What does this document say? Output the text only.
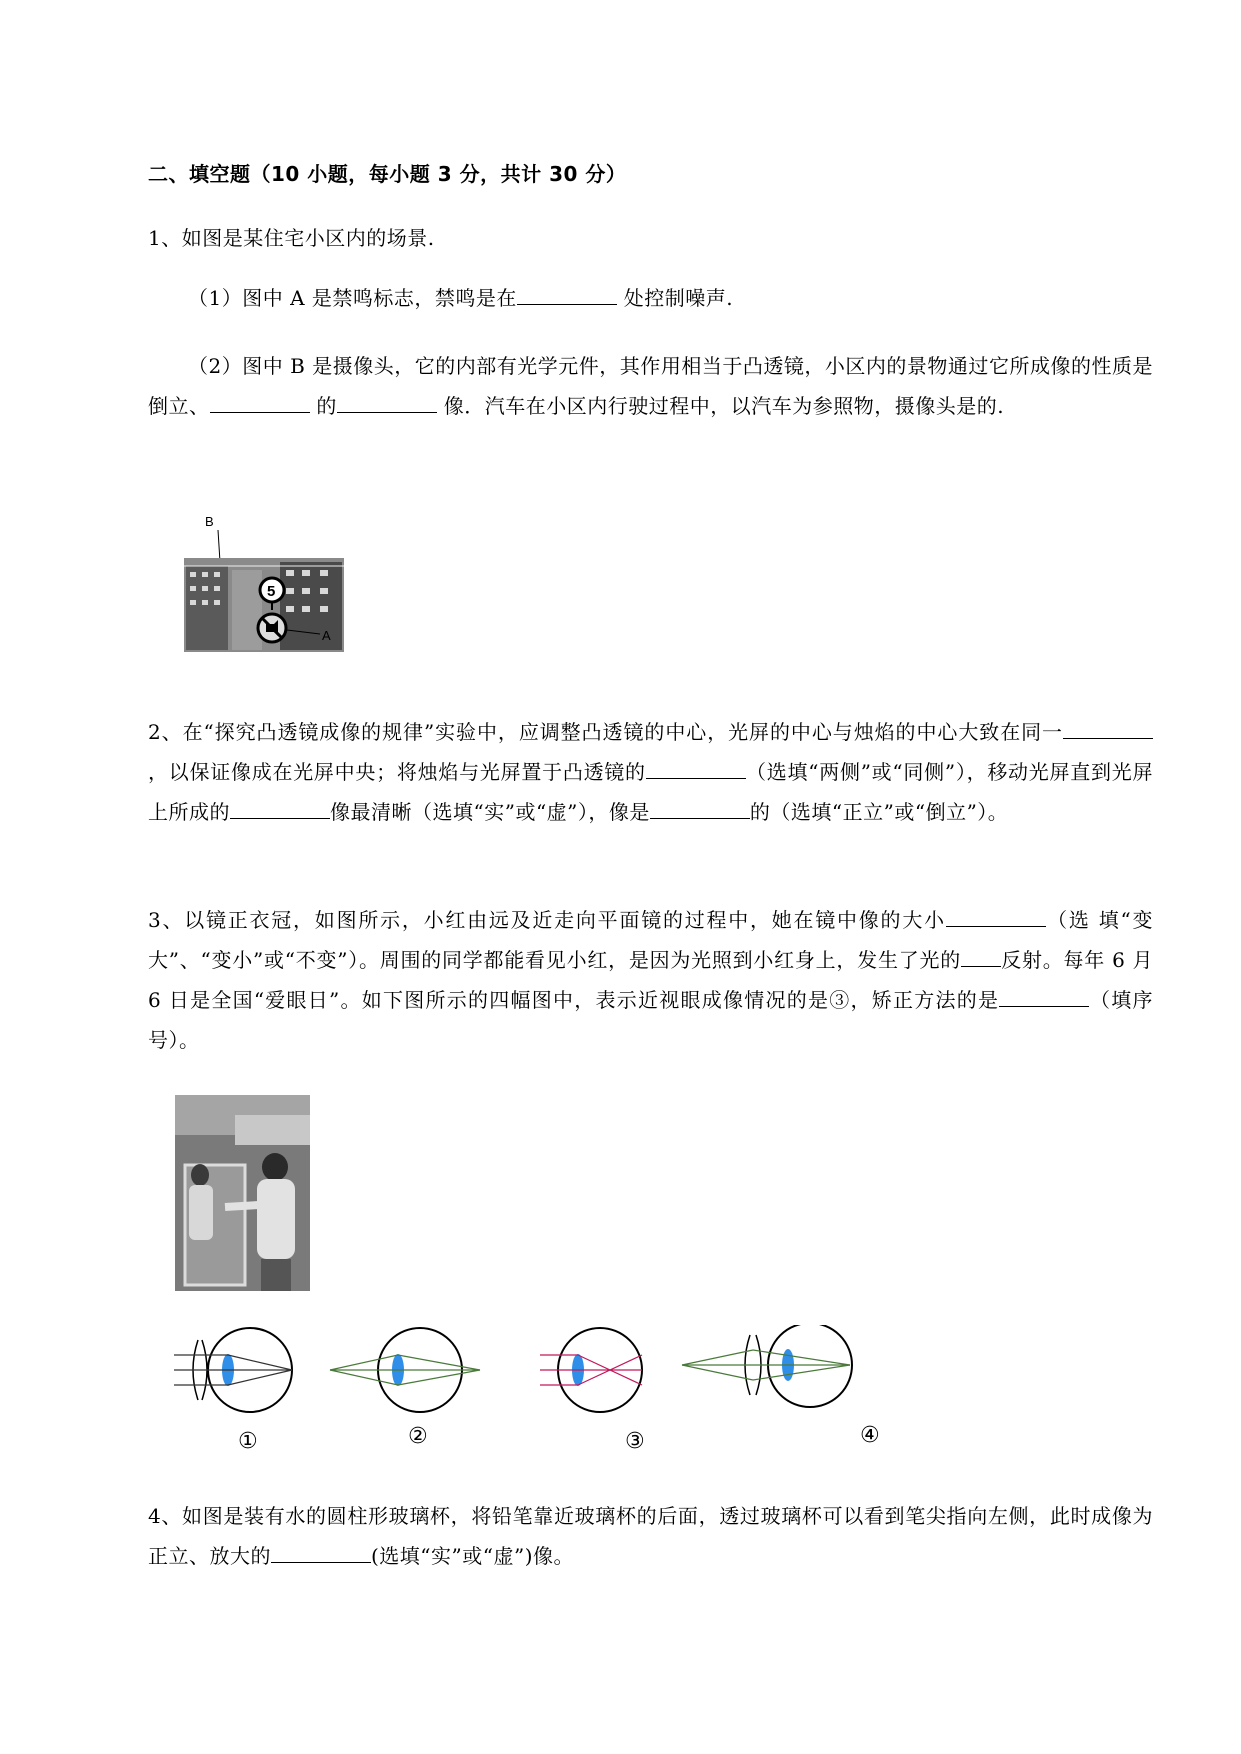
二、填空题（10 小题，每小题 3 分，共计 30 分）
1、如图是某住宅小区内的场景.
（1）图中 A 是禁鸣标志，禁鸣是在	处控制噪声.
（2）图中 B 是摄像头，它的内部有光学元件，其作用相当于凸透镜，小区内的景物通过它所成像的性质是倒立、	的	像．汽车在小区内行驶过程中，以汽车为参照物，摄像头是的.
B
5
A
2、在“探究凸透镜成像的规律”实验中，应调整凸透镜的中心，光屏的中心与烛焰的中心大致在同一，以保证像成在光屏中央；将烛焰与光屏置于凸透镜的	（选填“两侧”或“同侧”），移动光屏直到光屏上所成的	像最清晰（选填“实”或“虚”），像是	的（选填“正立”或“倒立”）。
3、以镜正衣冠，如图所示，小红由远及近走向平面镜的过程中，她在镜中像的大小	（选 填“变大”、“变小”或“不变”）。周围的同学都能看见小红，是因为光照到小红身上，发生了光的 反射。每年 6 月 6 日是全国“爱眼日”。如下图所示的四幅图中，表示近视眼成像情况的是③，矫正方法的是	（填序号）。
①	②	③	④
4、如图是装有水的圆柱形玻璃杯，将铅笔靠近玻璃杯的后面，透过玻璃杯可以看到笔尖指向左侧，此时成像为正立、放大的	(选填“实”或“虚”)像。
